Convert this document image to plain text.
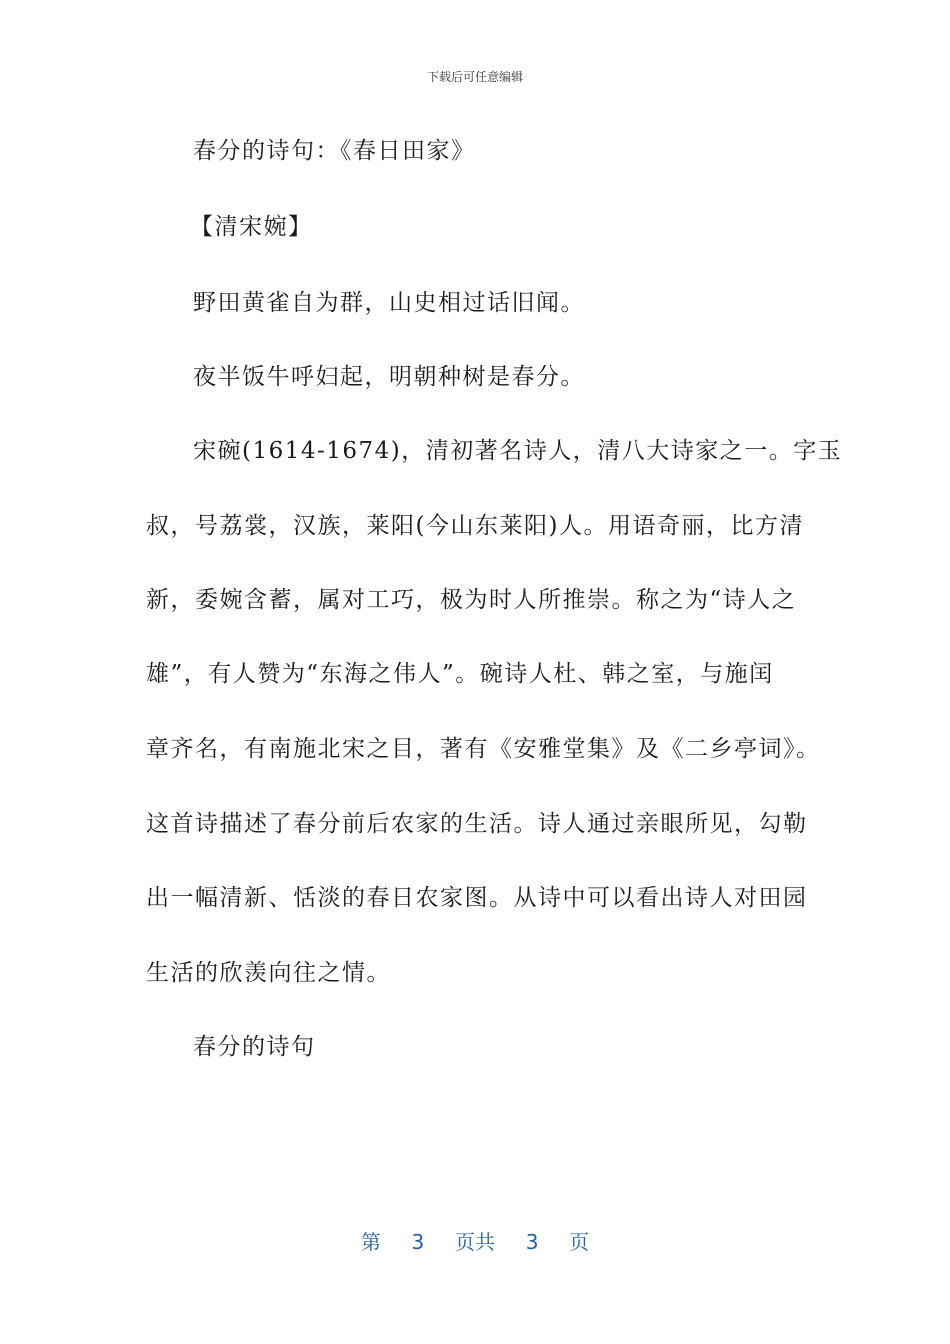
下载后可任意编辑
春分的诗句：《春日田家》
【清宋婉】
野田黄雀自为群，山史相过话旧闻。
夜半饭牛呼妇起，明朝种树是春分。
宋碗(1614-1674)，清初著名诗人，清八大诗家之一。字玉
叔，号荔裳，汉族，莱阳(今山东莱阳)人。用语奇丽，比方清
新，委婉含蓄，属对工巧，极为时人所推崇。称之为“诗人之
雄”，有人赞为“东海之伟人”。碗诗人杜、韩之室，与施闰
章齐名，有南施北宋之目，著有《安雅堂集》及《二乡亭词》。
这首诗描述了春分前后农家的生活。诗人通过亲眼所见，勾勒
出一幅清新、恬淡的春日农家图。从诗中可以看出诗人对田园
生活的欣羡向往之情。
春分的诗句
第 3 页共 3 页
